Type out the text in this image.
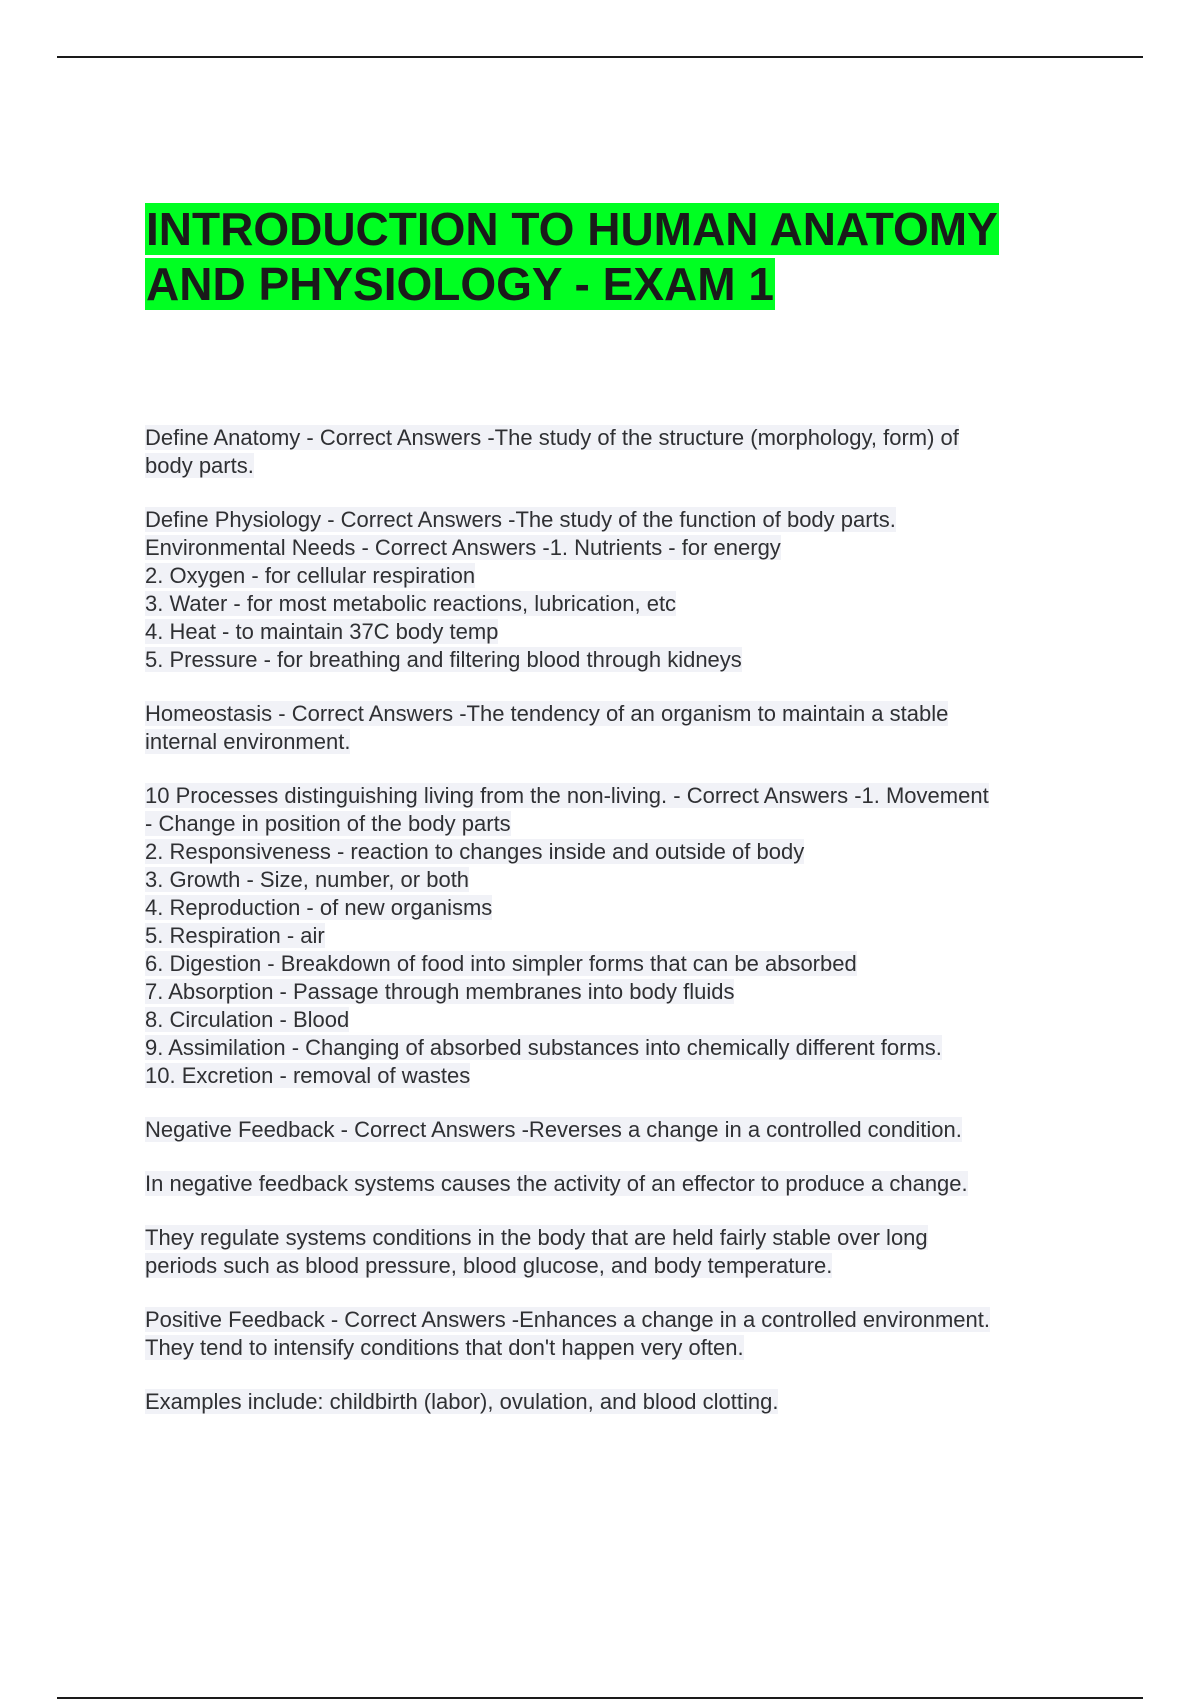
INTRODUCTION TO HUMAN ANATOMY
AND PHYSIOLOGY - EXAM 1

Define Anatomy - Correct Answers -The study of the structure (morphology, form) of
body parts.

Define Physiology - Correct Answers -The study of the function of body parts.
Environmental Needs - Correct Answers -1. Nutrients - for energy
2. Oxygen - for cellular respiration
3. Water - for most metabolic reactions, lubrication, etc
4. Heat - to maintain 37C body temp
5. Pressure - for breathing and filtering blood through kidneys

Homeostasis - Correct Answers -The tendency of an organism to maintain a stable
internal environment.

10 Processes distinguishing living from the non-living. - Correct Answers -1. Movement
- Change in position of the body parts
2. Responsiveness - reaction to changes inside and outside of body
3. Growth - Size, number, or both
4. Reproduction - of new organisms
5. Respiration - air
6. Digestion - Breakdown of food into simpler forms that can be absorbed
7. Absorption - Passage through membranes into body fluids
8. Circulation - Blood
9. Assimilation - Changing of absorbed substances into chemically different forms.
10. Excretion - removal of wastes

Negative Feedback - Correct Answers -Reverses a change in a controlled condition.

In negative feedback systems causes the activity of an effector to produce a change.

They regulate systems conditions in the body that are held fairly stable over long
periods such as blood pressure, blood glucose, and body temperature.

Positive Feedback - Correct Answers -Enhances a change in a controlled environment.
They tend to intensify conditions that don't happen very often.

Examples include: childbirth (labor), ovulation, and blood clotting.
